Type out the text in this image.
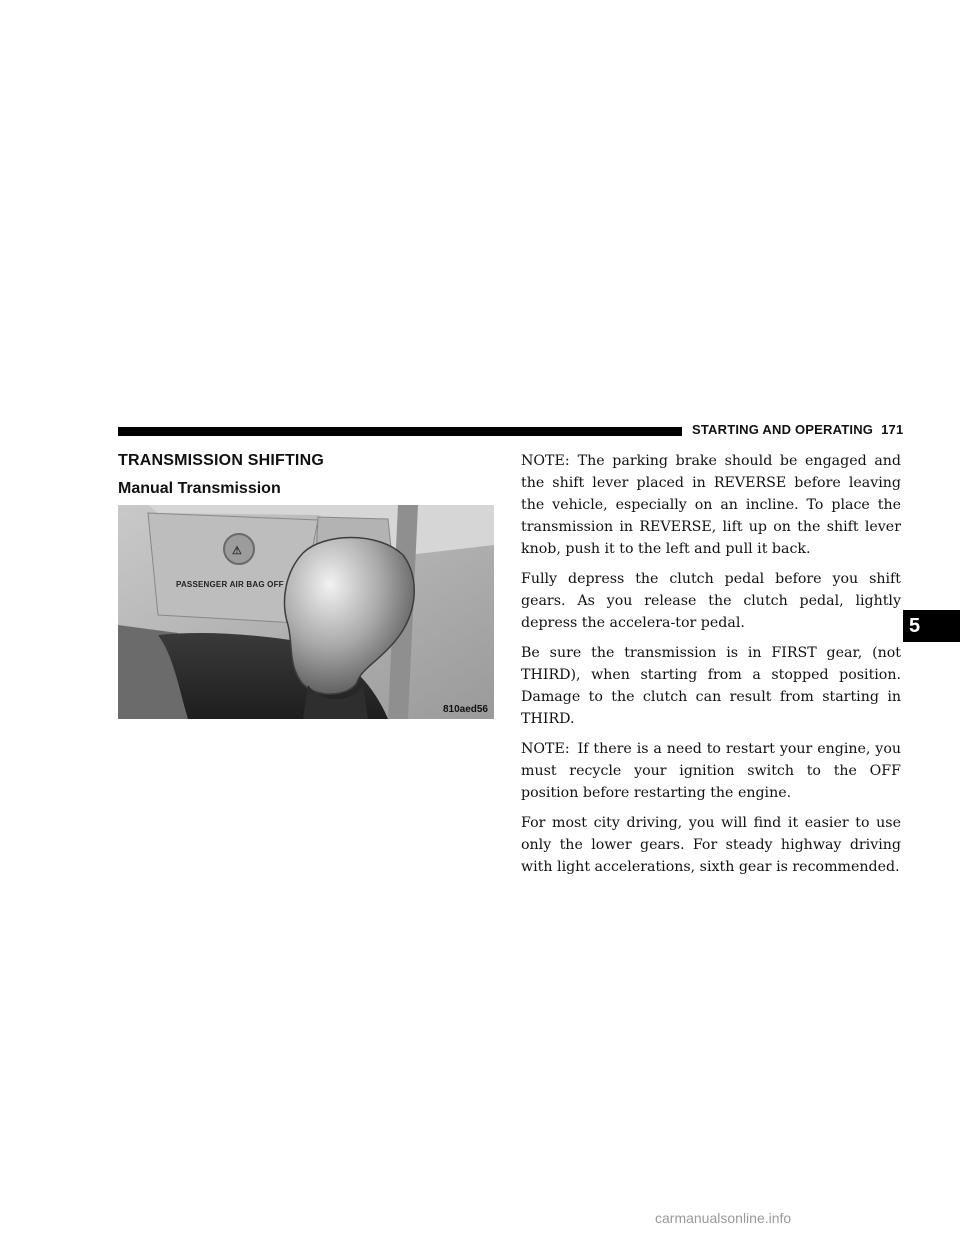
STARTING AND OPERATING 171
TRANSMISSION SHIFTING
Manual Transmission
⚠
PASSENGER AIR BAG OFF
810aed56

NOTE: The parking brake should be engaged and the shift lever placed in REVERSE before leaving the vehicle, especially on an incline. To place the transmission in REVERSE, lift up on the shift lever knob, push it to the left and pull it back.

Fully depress the clutch pedal before you shift gears. As you release the clutch pedal, lightly depress the accelera-tor pedal.

Be sure the transmission is in FIRST gear, (not THIRD), when starting from a stopped position. Damage to the clutch can result from starting in THIRD.

NOTE: If there is a need to restart your engine, you must recycle your ignition switch to the OFF position before restarting the engine.

For most city driving, you will find it easier to use only the lower gears. For steady highway driving with light accelerations, sixth gear is recommended.

5
carmanualsonline.info
